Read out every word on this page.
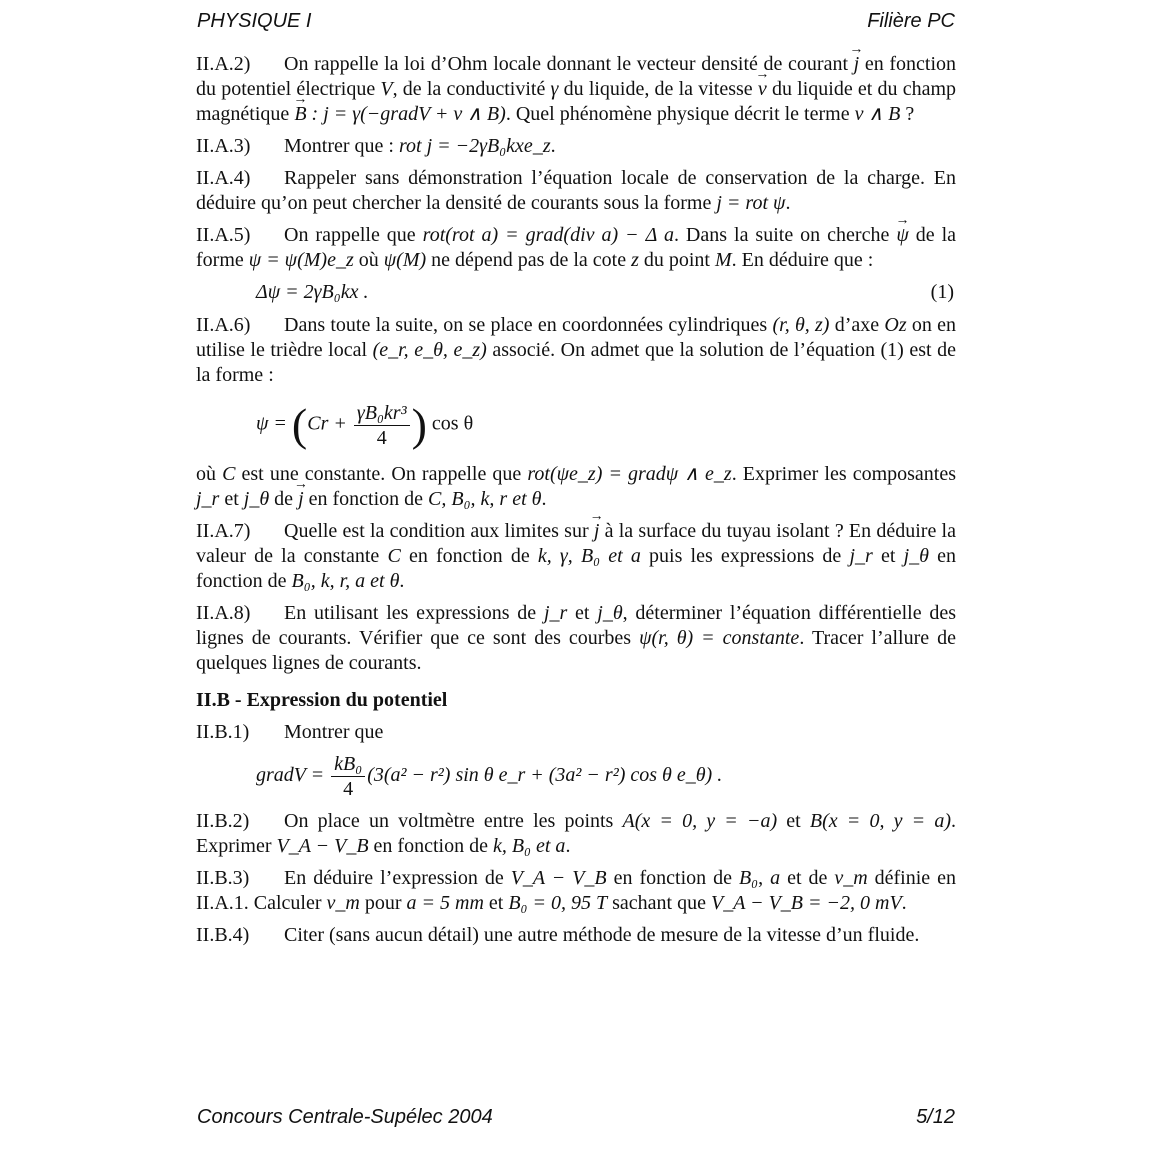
PHYSIQUE I	Filière PC

II.A.2) On rappelle la loi d’Ohm locale donnant le vecteur densité de courant → j en fonction du potentiel électrique V, de la conductivité γ du liquide, de la vitesse → v du liquide et du champ magnétique → B : j = γ(−gradV + v ∧ B). Quel phénomène physique décrit le terme v ∧ B ?

II.A.3) Montrer que : rot j = −2γB₀kxe_z.

II.A.4) Rappeler sans démonstration l’équation locale de conservation de la charge. En déduire qu’on peut chercher la densité de courants sous la forme j = rot ψ.

II.A.5) On rappelle que rot(rot a) = grad(div a) − Δ a. Dans la suite on cherche → ψ de la forme ψ = ψ(M)e_z où ψ(M) ne dépend pas de la cote z du point M. En déduire que :

Δψ = 2γB₀kx .	(1)

II.A.6) Dans toute la suite, on se place en coordonnées cylindriques (r, θ, z) d’axe Oz on en utilise le trièdre local (e_r, e_θ, e_z) associé. On admet que la solution de l’équation (1) est de la forme :

$\psi = (Cr + \frac{\text{γB₀kr³}}{4}$ ) cos θ

où C est une constante. On rappelle que rot(ψe_z) = gradψ ∧ e_z. Exprimer les composantes j_r et j_θ de → j en fonction de C, B₀, k, r et θ.

II.A.7) Quelle est la condition aux limites sur → j à la surface du tuyau isolant ? En déduire la valeur de la constante C en fonction de k, γ, B₀ et a puis les expressions de j_r et j_θ en fonction de B₀, k, r, a et θ.

II.A.8) En utilisant les expressions de j_r et j_θ, déterminer l’équation différentielle des lignes de courants. Vérifier que ce sont des courbes ψ(r, θ) = constante. Tracer l’allure de quelques lignes de courants.

II.B - Expression du potentiel

II.B.1) Montrer que

gradV = $\frac{\text{kB₀}}{4} (3(a^2 - r^2)$ sin θ e_r + (3a² − r²) cos θ e_θ) .

II.B.2) On place un voltmètre entre les points A(x = 0, y = −a) et B(x = 0, y = a). Exprimer V_A − V_B en fonction de k, B₀ et a.

II.B.3) En déduire l’expression de V_A − V_B en fonction de B₀, a et de v_m définie en II.A.1. Calculer v_m pour a = 5 mm et B₀ = 0, 95 T sachant que V_A − V_B = −2, 0 mV.

II.B.4) Citer (sans aucun détail) une autre méthode de mesure de la vitesse d’un fluide.

Concours Centrale-Supélec 2004	5/12
